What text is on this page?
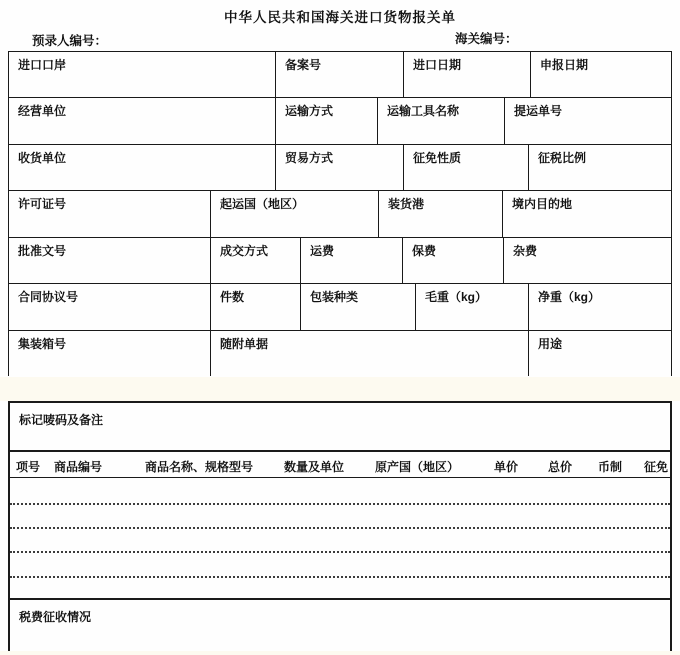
中华人民共和国海关进口货物报关单
预录人编号：	海关编号：
进口口岸	备案号	进口日期	申报日期
经营单位	运输方式	运输工具名称	提运单号
收货单位	贸易方式	征免性质	征税比例
许可证号	起运国（地区）	装货港	境内目的地
批准文号	成交方式	运费	保费	杂费
合同协议号	件数	包装种类	毛重（kg）	净重（kg）
集装箱号	随附单据	用途
标记唛码及备注
项号 商品编号	商品名称、规格型号	数量及单位	原产国（地区）	单价 总价 币制 征免
税费征收情况
